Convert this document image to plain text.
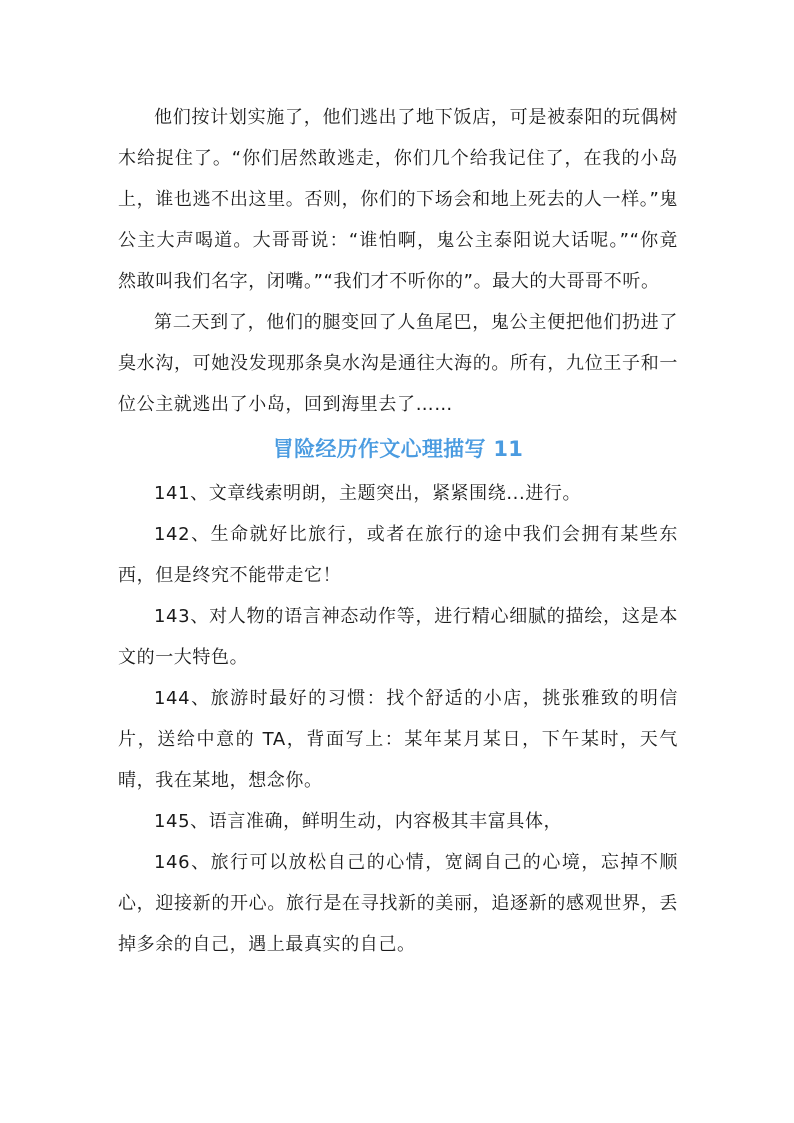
他们按计划实施了，他们逃出了地下饭店，可是被泰阳的玩偶树木给捉住了。“你们居然敢逃走，你们几个给我记住了，在我的小岛上，谁也逃不出这里。否则，你们的下场会和地上死去的人一样。”鬼公主大声喝道。大哥哥说：“谁怕啊，鬼公主泰阳说大话呢。”“你竟然敢叫我们名字，闭嘴。”“我们才不听你的”。最大的大哥哥不听。

第二天到了，他们的腿变回了人鱼尾巴，鬼公主便把他们扔进了臭水沟，可她没发现那条臭水沟是通往大海的。所有，九位王子和一位公主就逃出了小岛，回到海里去了……

冒险经历作文心理描写 11

141、文章线索明朗，主题突出，紧紧围绕...进行。

142、生命就好比旅行，或者在旅行的途中我们会拥有某些东西，但是终究不能带走它！

143、对人物的语言神态动作等，进行精心细腻的描绘，这是本文的一大特色。

144、旅游时最好的习惯：找个舒适的小店，挑张雅致的明信片，送给中意的 TA，背面写上：某年某月某日，下午某时，天气晴，我在某地，想念你。

145、语言准确，鲜明生动，内容极其丰富具体，

146、旅行可以放松自己的心情，宽阔自己的心境，忘掉不顺心，迎接新的开心。旅行是在寻找新的美丽，追逐新的感观世界，丢掉多余的自己，遇上最真实的自己。
